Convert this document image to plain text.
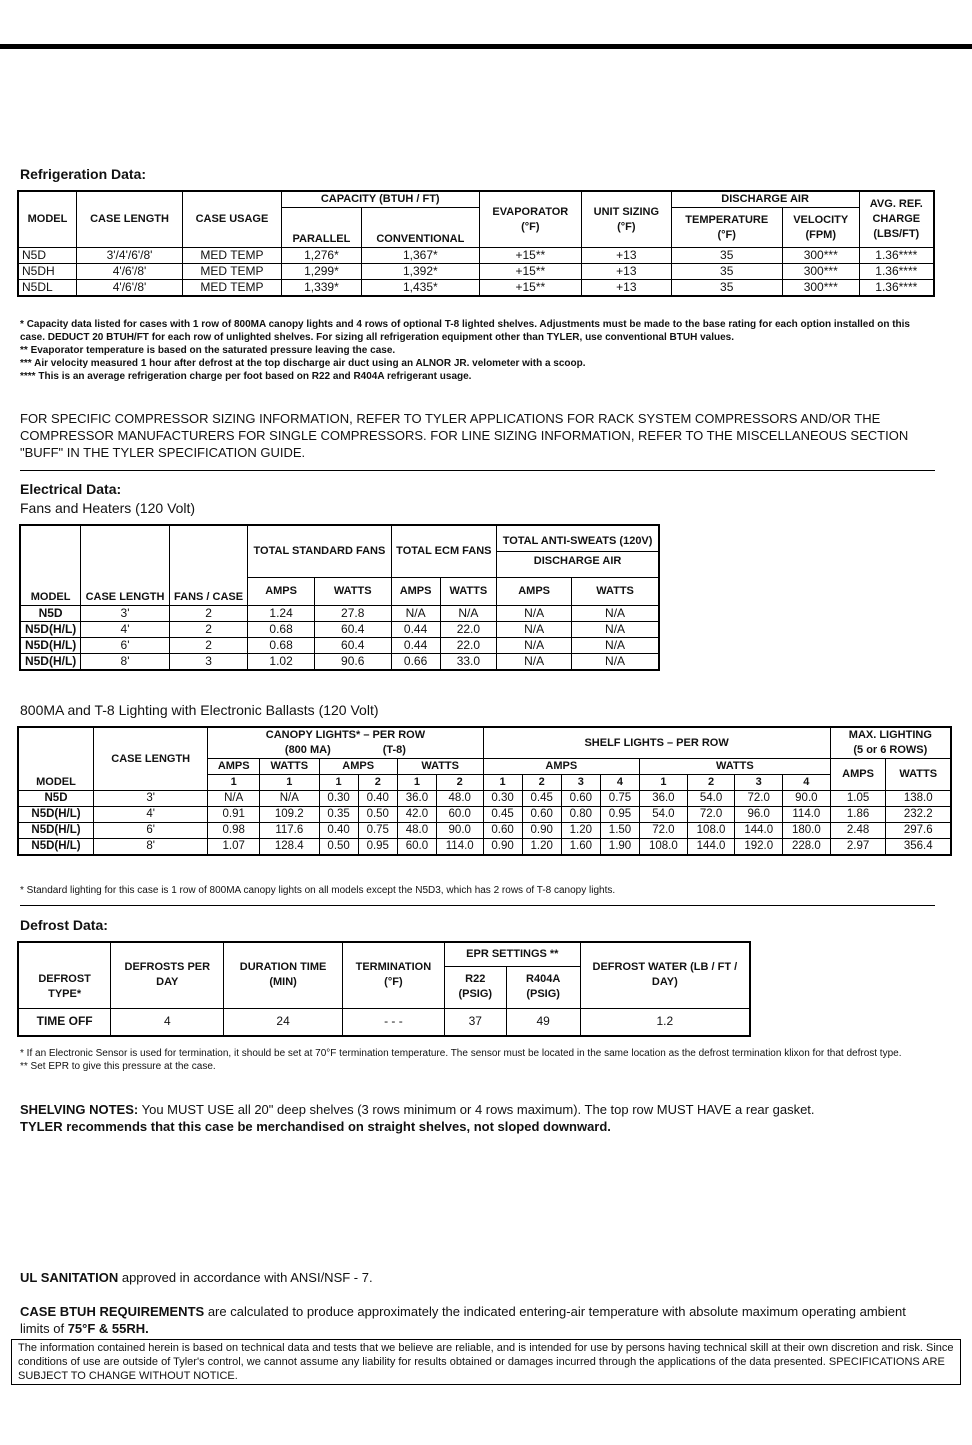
Refrigeration Data:
MODEL	CASE LENGTH	CASE USAGE	CAPACITY (BTUH / FT)		EVAPORATOR
(°F)	UNIT SIZING
(°F)	DISCHARGE AIR		AVG. REF.
CHARGE
(LBS/FT)
			PARALLEL	CONVENTIONAL			TEMPERATURE
(°F)	VELOCITY
(FPM)	
N5D	3'/4'/6'/8'	MED TEMP	1,276*	1,367*	+15**	+13	35	300***	1.36****
N5DH	4'/6'/8'	MED TEMP	1,299*	1,392*	+15**	+13	35	300***	1.36****
N5DL	4'/6'/8'	MED TEMP	1,339*	1,435*	+15**	+13	35	300***	1.36****

* Capacity data listed for cases with 1 row of 800MA canopy lights and 4 rows of optional T-8 lighted shelves. Adjustments must be made to the base rating for each option installed on this case. DEDUCT 20 BTUH/FT for each row of unlighted shelves. For sizing all refrigeration equipment other than TYLER, use conventional BTUH values.

** Evaporator temperature is based on the saturated pressure leaving the case.

*** Air velocity measured 1 hour after defrost at the top discharge air duct using an ALNOR JR. velometer with a scoop.

**** This is an average refrigeration charge per foot based on R22 and R404A refrigerant usage.

FOR SPECIFIC COMPRESSOR SIZING INFORMATION, REFER TO TYLER APPLICATIONS FOR RACK SYSTEM COMPRESSORS AND/OR THE COMPRESSOR MANUFACTURERS FOR SINGLE COMPRESSORS. FOR LINE SIZING INFORMATION, REFER TO THE MISCELLANEOUS SECTION "BUFF" IN THE TYLER SPECIFICATION GUIDE.
Electrical Data:
Fans and Heaters (120 Volt)
MODEL	CASE LENGTH	FANS / CASE	TOTAL STANDARD FANS		TOTAL ECM FANS		TOTAL ANTI-SWEATS (120V)
DISCHARGE AIR	
			AMPS	WATTS	AMPS	WATTS	AMPS	WATTS
N5D	3'	2	1.24	27.8	N/A	N/A	N/A	N/A
N5D(H/L)	4'	2	0.68	60.4	0.44	22.0	N/A	N/A
N5D(H/L)	6'	2	0.68	60.4	0.44	22.0	N/A	N/A
N5D(H/L)	8'	3	1.02	90.6	0.66	33.0	N/A	N/A
800MA and T-8 Lighting with Electronic Ballasts (120 Volt)
MODEL	CASE LENGTH	CANOPY LIGHTS* – PER ROW
(800 MA) (T-8)						SHELF LIGHTS – PER ROW								MAX. LIGHTING
(5 or 6 ROWS)	
		AMPS	WATTS	AMPS		WATTS		AMPS				WATTS				AMPS	WATTS
		1	1	1	2	1	2	1	2	3	4	1	2	3	4		
N5D	3'	N/A	N/A	0.30	0.40	36.0	48.0	0.30	0.45	0.60	0.75	36.0	54.0	72.0	90.0	1.05	138.0
N5D(H/L)	4'	0.91	109.2	0.35	0.50	42.0	60.0	0.45	0.60	0.80	0.95	54.0	72.0	96.0	114.0	1.86	232.2
N5D(H/L)	6'	0.98	117.6	0.40	0.75	48.0	90.0	0.60	0.90	1.20	1.50	72.0	108.0	144.0	180.0	2.48	297.6
N5D(H/L)	8'	1.07	128.4	0.50	0.95	60.0	114.0	0.90	1.20	1.60	1.90	108.0	144.0	192.0	228.0	2.97	356.4
* Standard lighting for this case is 1 row of 800MA canopy lights on all models except the N5D3, which has 2 rows of T-8 canopy lights.
Defrost Data:
DEFROST TYPE*	DEFROSTS PER DAY	DURATION TIME (MIN)	TERMINATION (°F)	EPR SETTINGS **		DEFROST WATER (LB / FT / DAY)
				R22 (PSIG)	R404A (PSIG)	
TIME OFF	4	24	- - -	37	49	1.2

* If an Electronic Sensor is used for termination, it should be set at 70°F termination temperature. The sensor must be located in the same location as the defrost termination klixon for that defrost type.

** Set EPR to give this pressure at the case.

SHELVING NOTES: You MUST USE all 20" deep shelves (3 rows minimum or 4 rows maximum). The top row MUST HAVE a rear gasket.
TYLER recommends that this case be merchandised on straight shelves, not sloped downward.
UL SANITATION approved in accordance with ANSI/NSF - 7.
CASE BTUH REQUIREMENTS are calculated to produce approximately the indicated entering-air temperature with absolute maximum operating ambient limits of 75°F & 55RH.
The information contained herein is based on technical data and tests that we believe are reliable, and is intended for use by persons having technical skill at their own discretion and risk. Since conditions of use are outside of Tyler's control, we cannot assume any liability for results obtained or damages incurred through the applications of the data presented. SPECIFICATIONS ARE SUBJECT TO CHANGE WITHOUT NOTICE.
